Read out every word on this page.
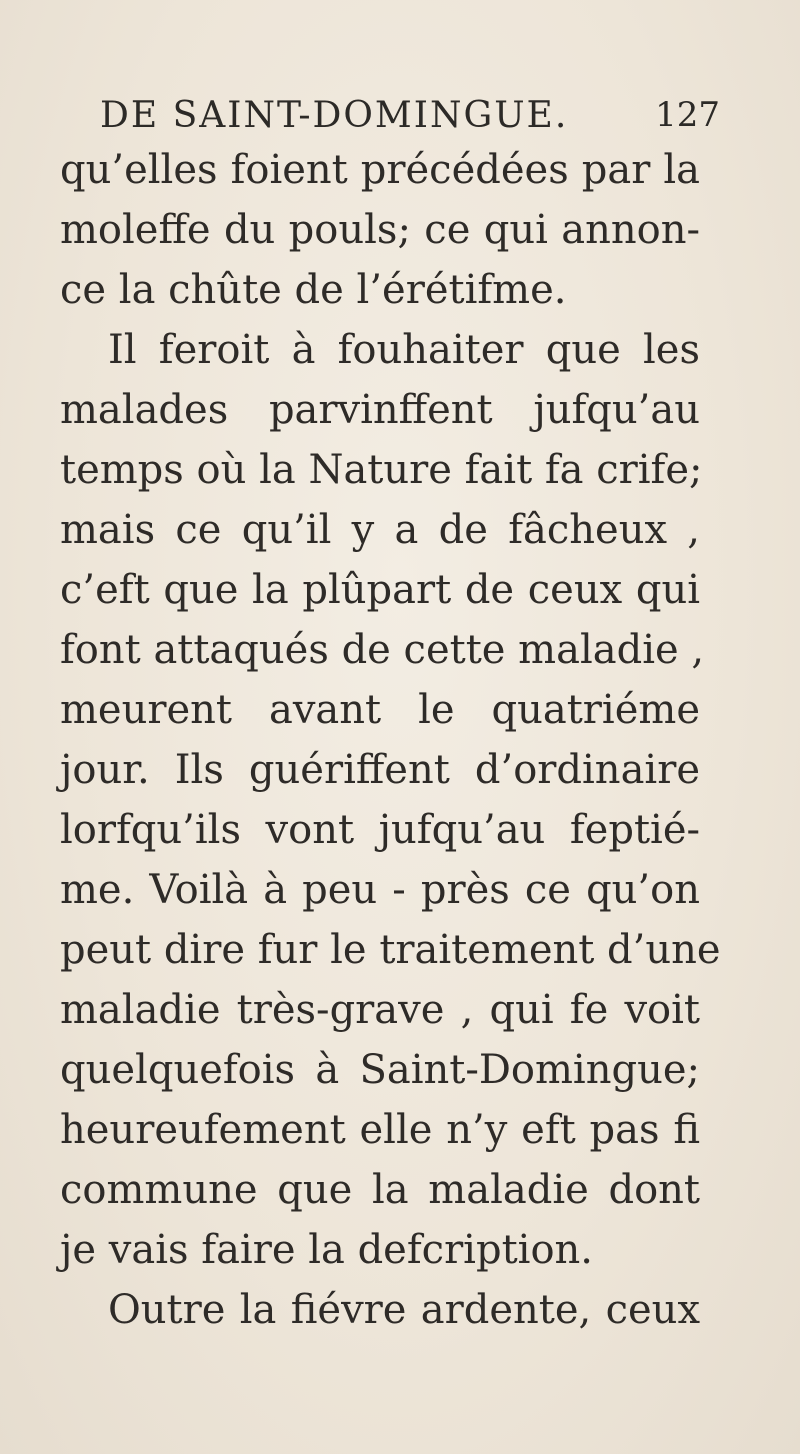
DE SAINT-DOMINGUE.	127
qu’elles foient précédées par la
moleffe du pouls; ce qui annon-
ce la chûte de l’érétifme.
Il feroit à fouhaiter que les
malades parvinffent jufqu’au
temps où la Nature fait fa crife;
mais ce qu’il y a de fâcheux ,
c’eft que la plûpart de ceux qui
font attaqués de cette maladie ,
meurent avant le quatriéme
jour. Ils guériffent d’ordinaire
lorfqu’ils vont jufqu’au feptié-
me. Voilà à peu - près ce qu’on
peut dire fur le traitement d’une
maladie très-grave , qui fe voit
quelquefois à Saint-Domingue;
heureufement elle n’y eft pas fi
commune que la maladie dont
je vais faire la defcription.
Outre la fiévre ardente, ceux
